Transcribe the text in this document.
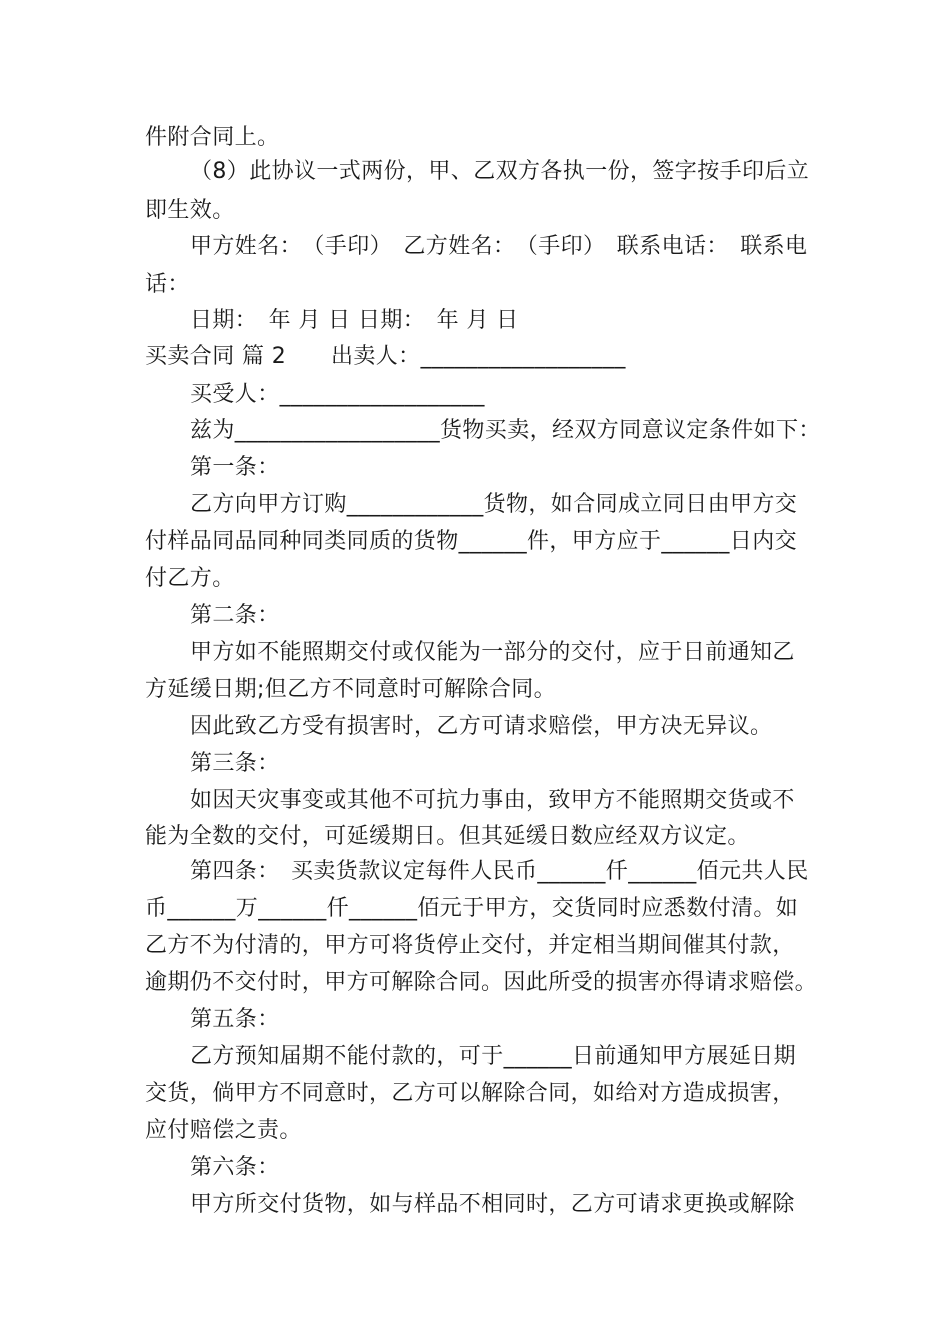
件附合同上。
（8）此协议一式两份，甲、乙双方各执一份，签字按手印后立
即生效。
甲方姓名：　（手印）　乙方姓名：　（手印）　联系电话：　联系电
话：
日期：　年 月 日 日期：　年 月 日
买卖合同 篇 2　　出卖人：__________________
买受人：__________________
兹为__________________货物买卖，经双方同意议定条件如下：
第一条：
乙方向甲方订购____________货物，如合同成立同日由甲方交
付样品同品同种同类同质的货物______件，甲方应于______日内交
付乙方。
第二条：
甲方如不能照期交付或仅能为一部分的交付，应于日前通知乙
方延缓日期;但乙方不同意时可解除合同。
因此致乙方受有损害时，乙方可请求赔偿，甲方决无异议。
第三条：
如因天灾事变或其他不可抗力事由，致甲方不能照期交货或不
能为全数的交付，可延缓期日。但其延缓日数应经双方议定。
第四条：　买卖货款议定每件人民币______仟______佰元共人民
币______万______仟______佰元于甲方，交货同时应悉数付清。如
乙方不为付清的，甲方可将货停止交付，并定相当期间催其付款，
逾期仍不交付时，甲方可解除合同。因此所受的损害亦得请求赔偿。
第五条：
乙方预知届期不能付款的，可于______日前通知甲方展延日期
交货，倘甲方不同意时，乙方可以解除合同，如给对方造成损害，
应付赔偿之责。
第六条：
甲方所交付货物，如与样品不相同时，乙方可请求更换或解除
